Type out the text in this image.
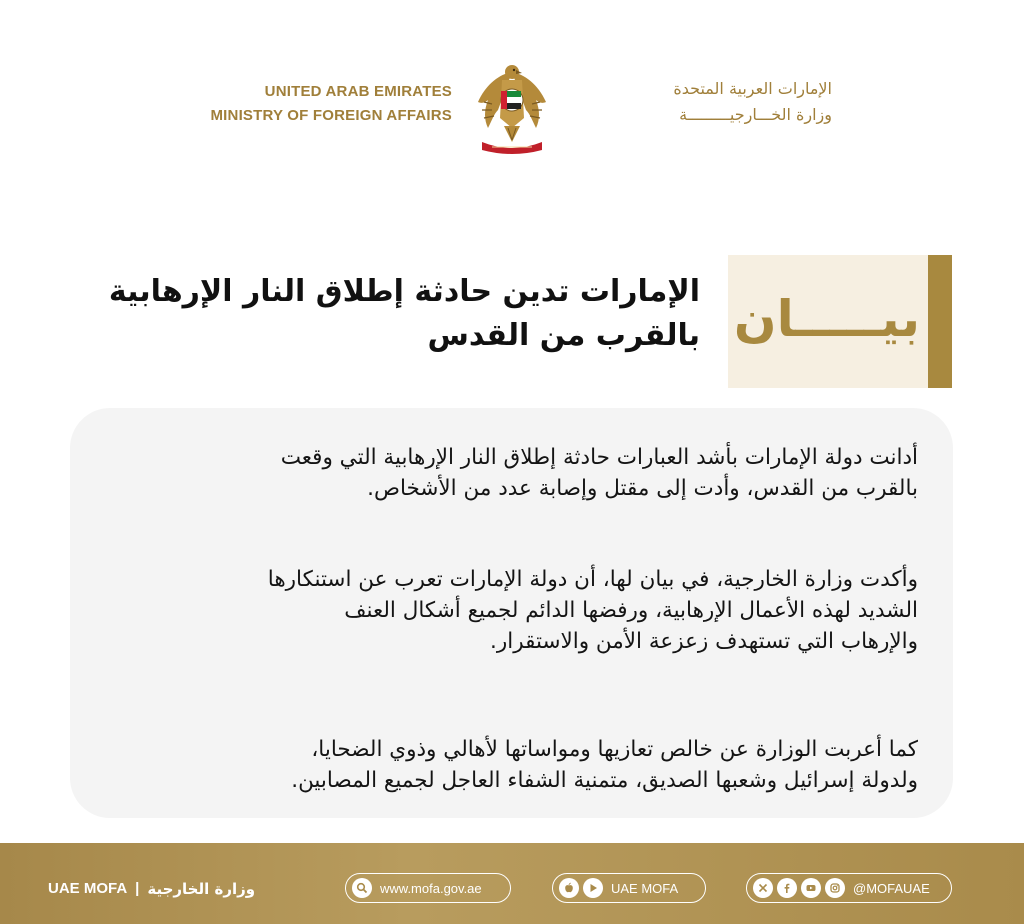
UNITED ARAB EMIRATES
MINISTRY OF FOREIGN AFFAIRS
الإمارات العربية المتحدة
وزارة الخـــارجيـــــــــة
الإمارات تدين حادثة إطلاق النار الإرهابية
بالقرب من القدس بيـــــان
أدانت دولة الإمارات بأشد العبارات حادثة إطلاق النار الإرهابية التي وقعت
بالقرب من القدس، وأدت إلى مقتل وإصابة عدد من الأشخاص.
وأكدت وزارة الخارجية، في بيان لها، أن دولة الإمارات تعرب عن استنكارها
الشديد لهذه الأعمال الإرهابية، ورفضها الدائم لجميع أشكال العنف
والإرهاب التي تستهدف زعزعة الأمن والاستقرار.
كما أعربت الوزارة عن خالص تعازيها ومواساتها لأهالي وذوي الضحايا،
ولدولة إسرائيل وشعبها الصديق، متمنية الشفاء العاجل لجميع المصابين.
UAE MOFA | وزارة الخارجية	www.mofa.gov.ae	UAE MOFA	@MOFAUAE
